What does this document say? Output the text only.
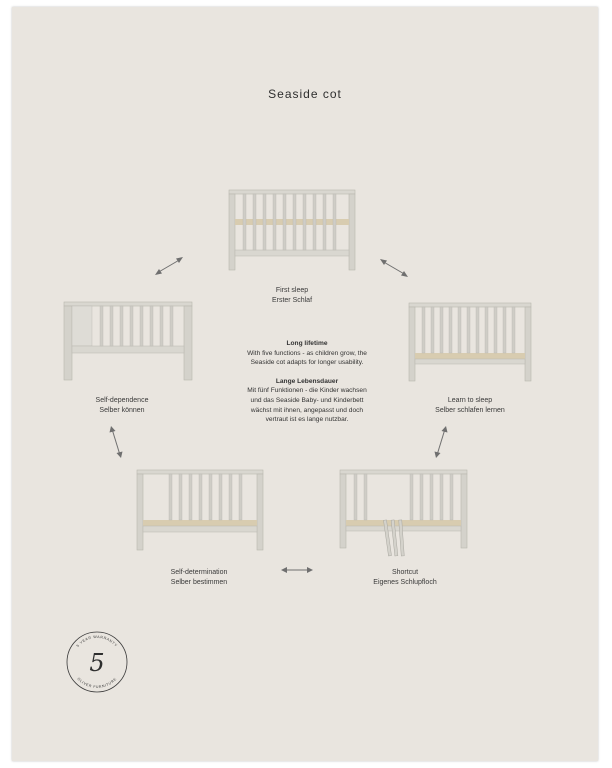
Seaside cot
First sleep
Erster Schlaf
Learn to sleep
Selber schlafen lernen
Shortcut
Eigenes Schlupfloch
Self-determination
Selber bestimmen
Self-dependence
Selber können
Long lifetime
With five functions - as children grow, the
Seaside cot adapts for longer usability.
Lange Lebensdauer
Mit fünf Funktionen - die Kinder wachsen
und das Seaside Baby- und Kinderbett
wächst mit ihnen, angepasst und doch
vertraut ist es lange nutzbar.
5 YEAR WARRANTY
OLIVER FURNITURE
5
